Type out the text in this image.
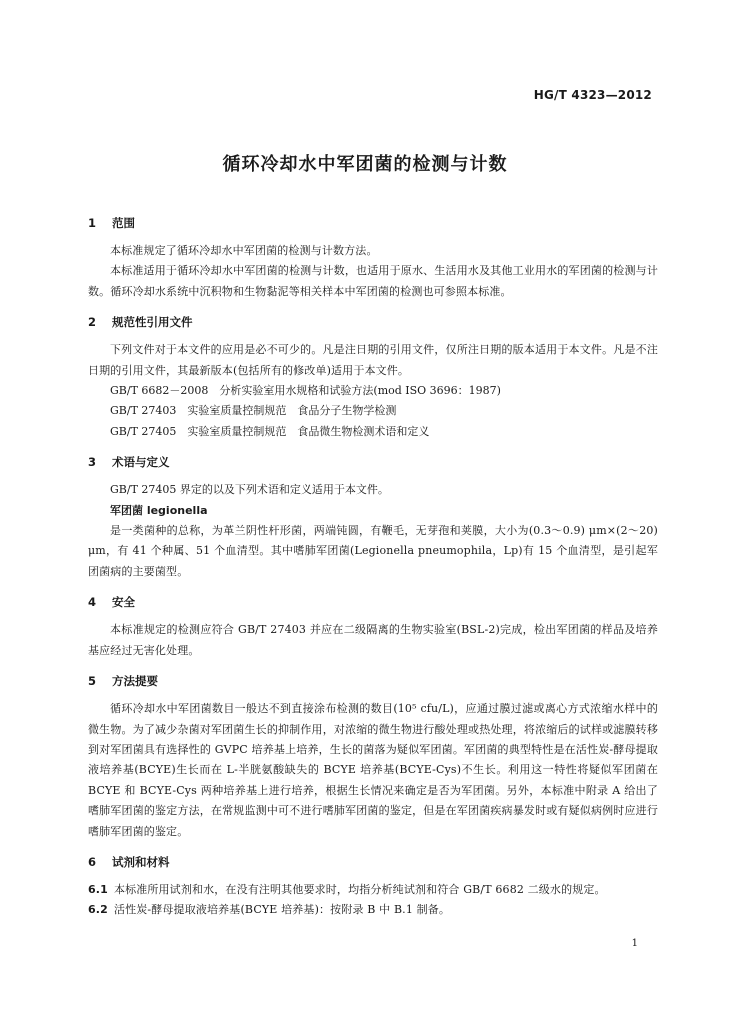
HG/T 4323—2012
循环冷却水中军团菌的检测与计数
1 范围

本标准规定了循环冷却水中军团菌的检测与计数方法。

本标准适用于循环冷却水中军团菌的检测与计数，也适用于原水、生活用水及其他工业用水的军团菌的检测与计数。循环冷却水系统中沉积物和生物黏泥等相关样本中军团菌的检测也可参照本标准。

2 规范性引用文件

下列文件对于本文件的应用是必不可少的。凡是注日期的引用文件，仅所注日期的版本适用于本文件。凡是不注日期的引用文件，其最新版本(包括所有的修改单)适用于本文件。

GB/T 6682－2008　分析实验室用水规格和试验方法(mod ISO 3696：1987)

GB/T 27403　实验室质量控制规范　食品分子生物学检测

GB/T 27405　实验室质量控制规范　食品微生物检测术语和定义

3 术语与定义

GB/T 27405 界定的以及下列术语和定义适用于本文件。

军团菌 legionella

是一类菌种的总称，为革兰阴性杆形菌，两端钝圆，有鞭毛，无芽孢和荚膜，大小为(0.3～0.9) μm×(2～20) μm，有 41 个种属、51 个血清型。其中嗜肺军团菌(Legionella pneumophila，Lp)有 15 个血清型，是引起军团菌病的主要菌型。

4 安全

本标准规定的检测应符合 GB/T 27403 并应在二级隔离的生物实验室(BSL-2)完成，检出军团菌的样品及培养基应经过无害化处理。

5 方法提要

循环冷却水中军团菌数目一般达不到直接涂布检测的数目(10⁵ cfu/L)，应通过膜过滤或离心方式浓缩水样中的微生物。为了减少杂菌对军团菌生长的抑制作用，对浓缩的微生物进行酸处理或热处理，将浓缩后的试样或滤膜转移到对军团菌具有选择性的 GVPC 培养基上培养，生长的菌落为疑似军团菌。军团菌的典型特性是在活性炭-酵母提取液培养基(BCYE)生长而在 L-半胱氨酸缺失的 BCYE 培养基(BCYE-Cys)不生长。利用这一特性将疑似军团菌在 BCYE 和 BCYE-Cys 两种培养基上进行培养，根据生长情况来确定是否为军团菌。另外，本标准中附录 A 给出了嗜肺军团菌的鉴定方法，在常规监测中可不进行嗜肺军团菌的鉴定，但是在军团菌疾病暴发时或有疑似病例时应进行嗜肺军团菌的鉴定。

6 试剂和材料

6.1 本标准所用试剂和水，在没有注明其他要求时，均指分析纯试剂和符合 GB/T 6682 二级水的规定。

6.2 活性炭-酵母提取液培养基(BCYE 培养基)：按附录 B 中 B.1 制备。

1
